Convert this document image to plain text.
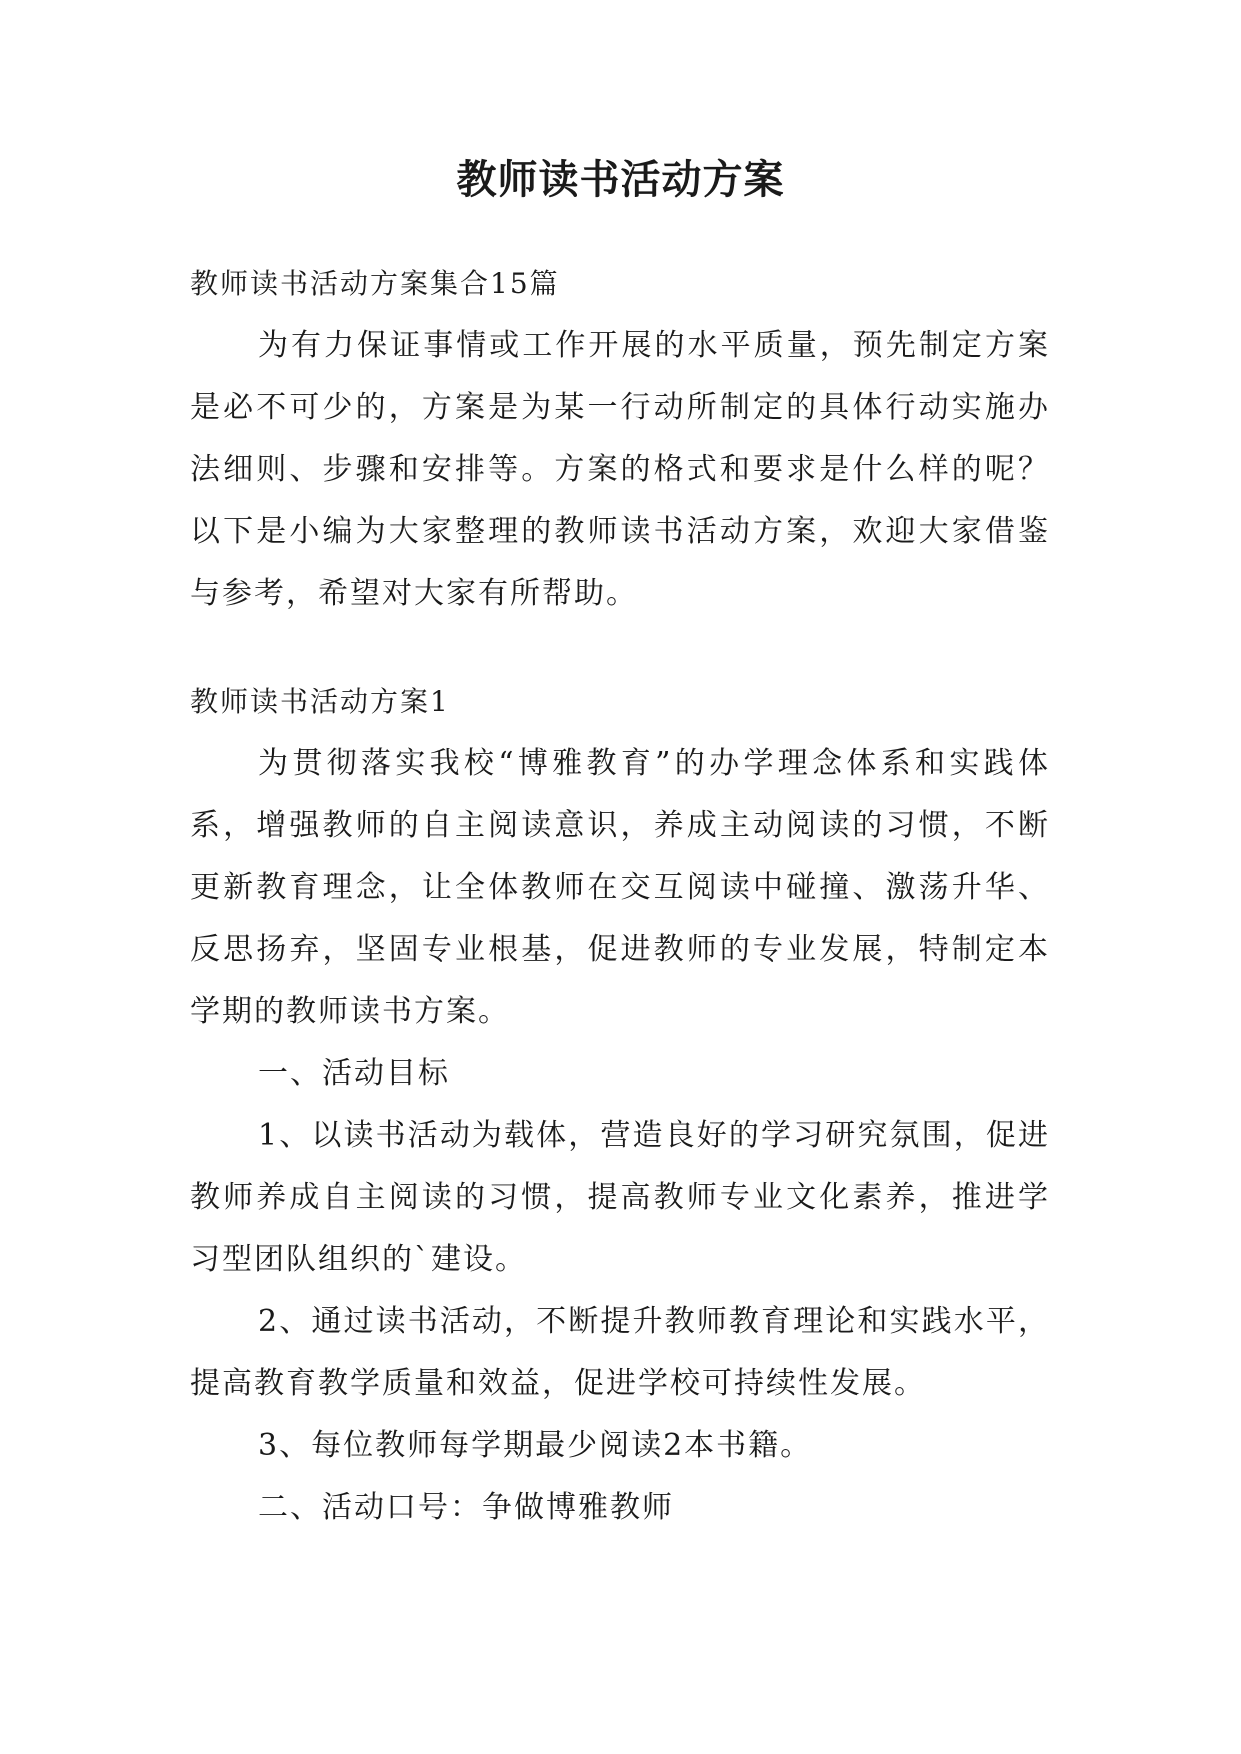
教师读书活动方案

教师读书活动方案集合15篇

为有力保证事情或工作开展的水平质量，预先制定方案是必不可少的，方案是为某一行动所制定的具体行动实施办法细则、步骤和安排等。方案的格式和要求是什么样的呢？以下是小编为大家整理的教师读书活动方案，欢迎大家借鉴与参考，希望对大家有所帮助。

教师读书活动方案1

为贯彻落实我校“博雅教育”的办学理念体系和实践体系，增强教师的自主阅读意识，养成主动阅读的习惯，不断更新教育理念，让全体教师在交互阅读中碰撞、激荡升华、反思扬弃，坚固专业根基，促进教师的专业发展，特制定本学期的教师读书方案。

一、活动目标

1、以读书活动为载体，营造良好的学习研究氛围，促进教师养成自主阅读的习惯，提高教师专业文化素养，推进学习型团队组织的`建设。

2、通过读书活动，不断提升教师教育理论和实践水平，提高教育教学质量和效益，促进学校可持续性发展。

3、每位教师每学期最少阅读2本书籍。

二、活动口号：争做博雅教师
